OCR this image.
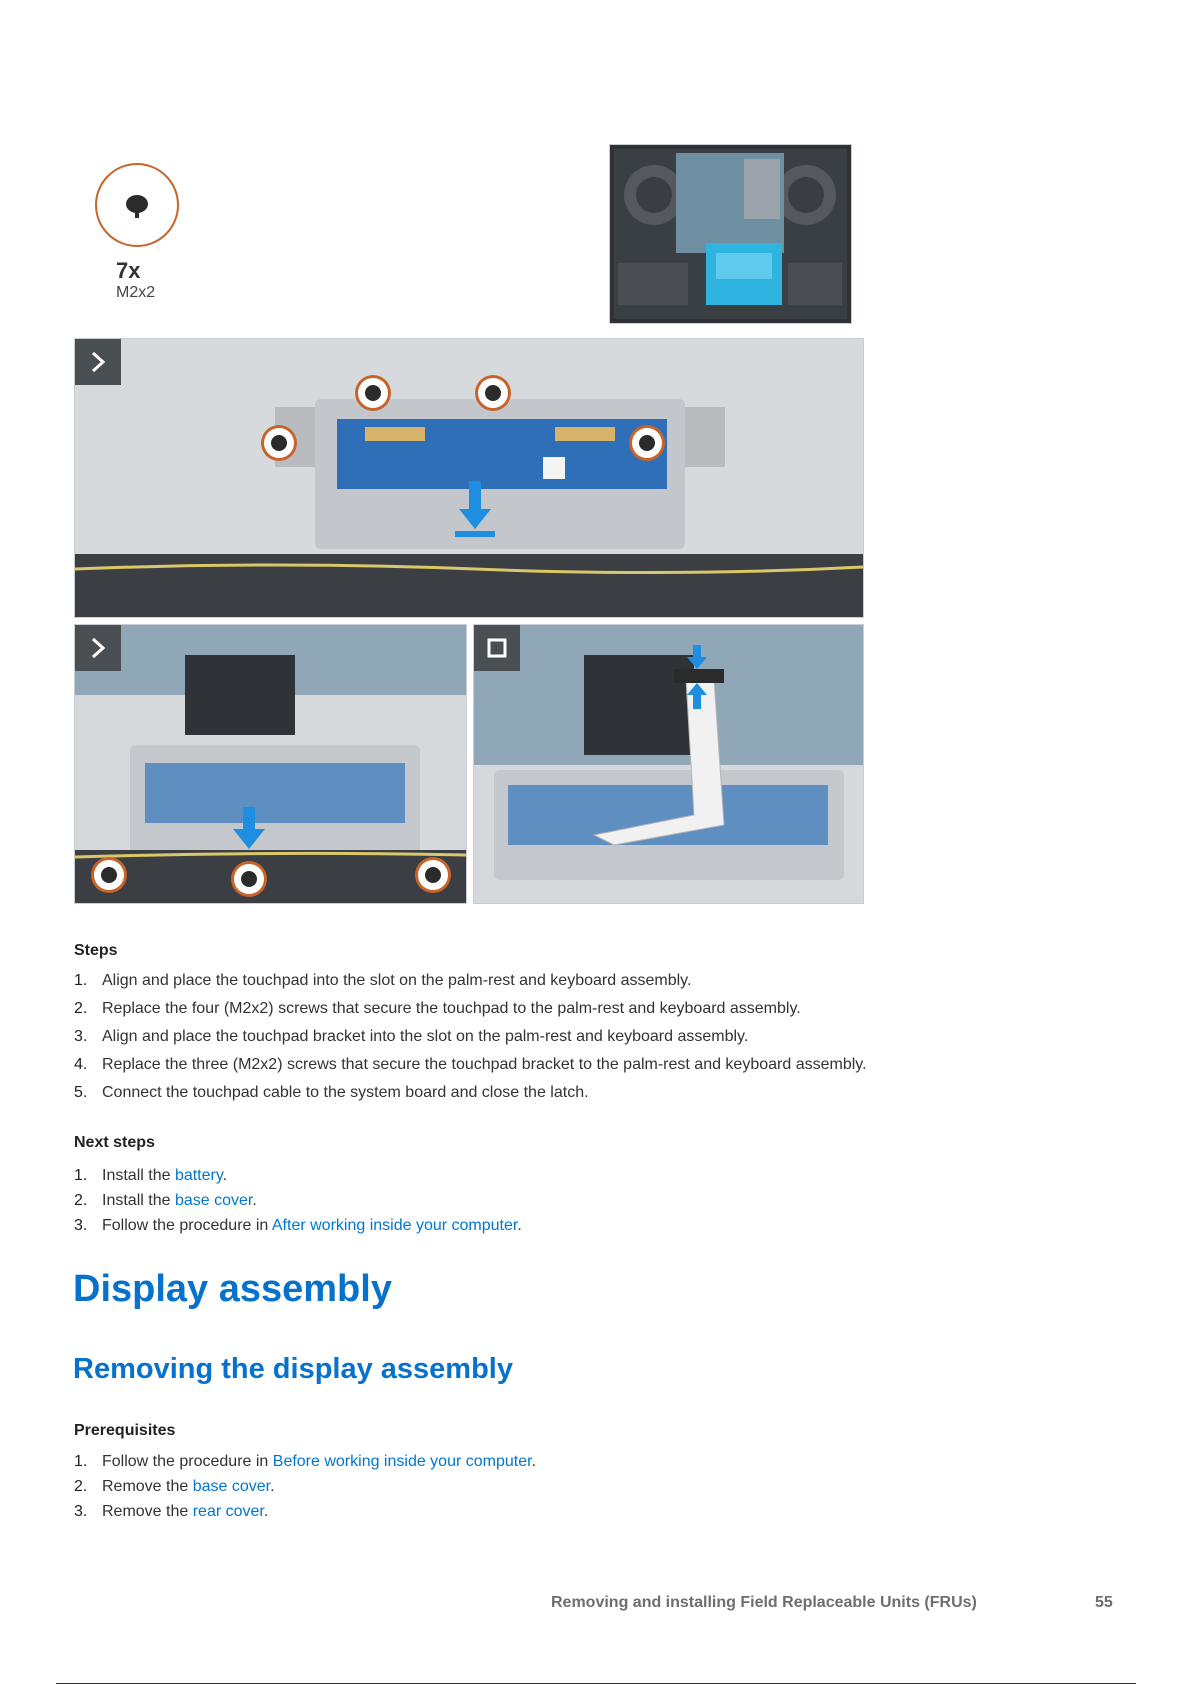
7x
M2x2
Steps
1. Align and place the touchpad into the slot on the palm-rest and keyboard assembly.
2. Replace the four (M2x2) screws that secure the touchpad to the palm-rest and keyboard assembly.
3. Align and place the touchpad bracket into the slot on the palm-rest and keyboard assembly.
4. Replace the three (M2x2) screws that secure the touchpad bracket to the palm-rest and keyboard assembly.
5. Connect the touchpad cable to the system board and close the latch.
Next steps
1. Install the battery.
2. Install the base cover.
3. Follow the procedure in After working inside your computer.
Display assembly
Removing the display assembly
Prerequisites
1. Follow the procedure in Before working inside your computer.
2. Remove the base cover.
3. Remove the rear cover.
Removing and installing Field Replaceable Units (FRUs)	55
